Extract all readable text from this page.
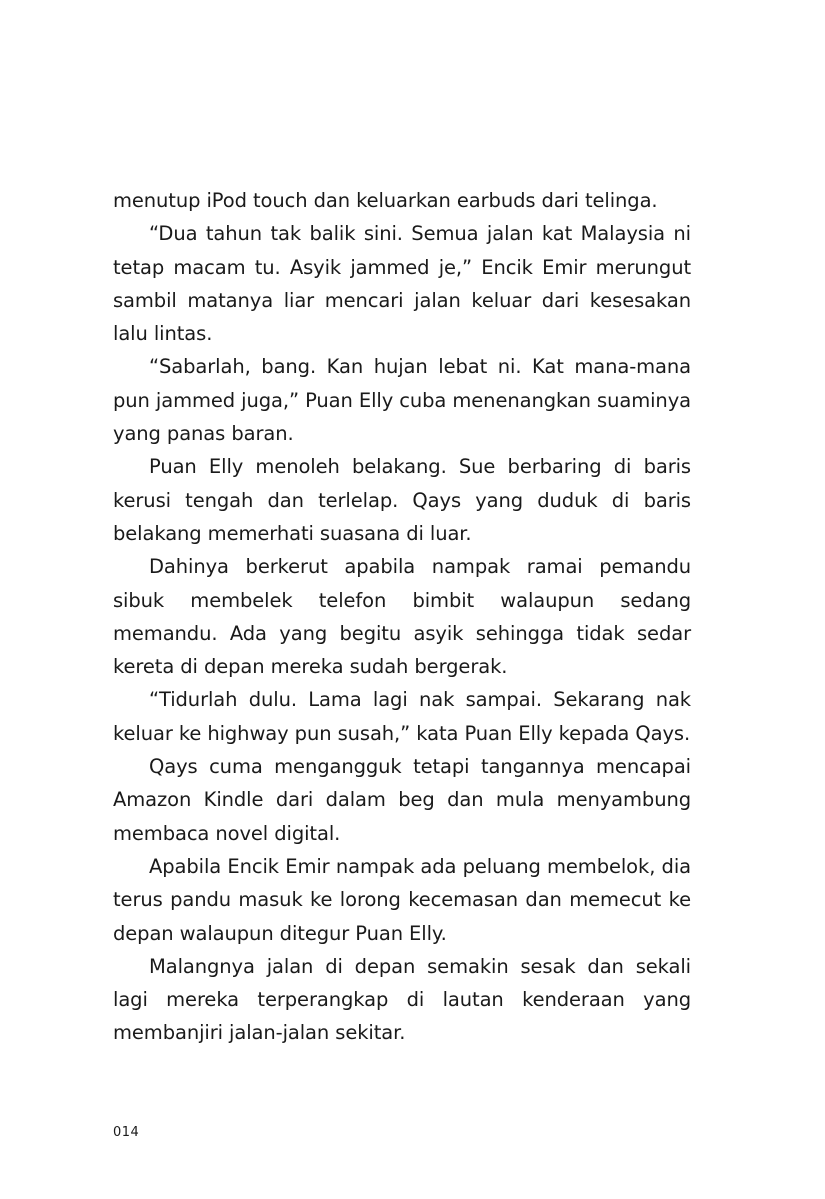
menutup iPod touch dan keluarkan earbuds dari telinga.

“Dua tahun tak balik sini. Semua jalan kat Malaysia ni tetap macam tu. Asyik jammed je,” Encik Emir merungut sambil matanya liar mencari jalan keluar dari kesesakan lalu lintas.

“Sabarlah, bang. Kan hujan lebat ni. Kat mana-mana pun jammed juga,” Puan Elly cuba menenangkan suaminya yang panas baran.

Puan Elly menoleh belakang. Sue berbaring di baris kerusi tengah dan terlelap. Qays yang duduk di baris belakang memerhati suasana di luar.

Dahinya berkerut apabila nampak ramai pemandu sibuk membelek telefon bimbit walaupun sedang memandu. Ada yang begitu asyik sehingga tidak sedar kereta di depan mereka sudah bergerak.

“Tidurlah dulu. Lama lagi nak sampai. Sekarang nak keluar ke highway pun susah,” kata Puan Elly kepada Qays.

Qays cuma mengangguk tetapi tangannya mencapai Amazon Kindle dari dalam beg dan mula menyambung membaca novel digital.

Apabila Encik Emir nampak ada peluang membelok, dia terus pandu masuk ke lorong kecemasan dan memecut ke depan walaupun ditegur Puan Elly.

Malangnya jalan di depan semakin sesak dan sekali lagi mereka terperangkap di lautan kenderaan yang membanjiri jalan-jalan sekitar.

014
